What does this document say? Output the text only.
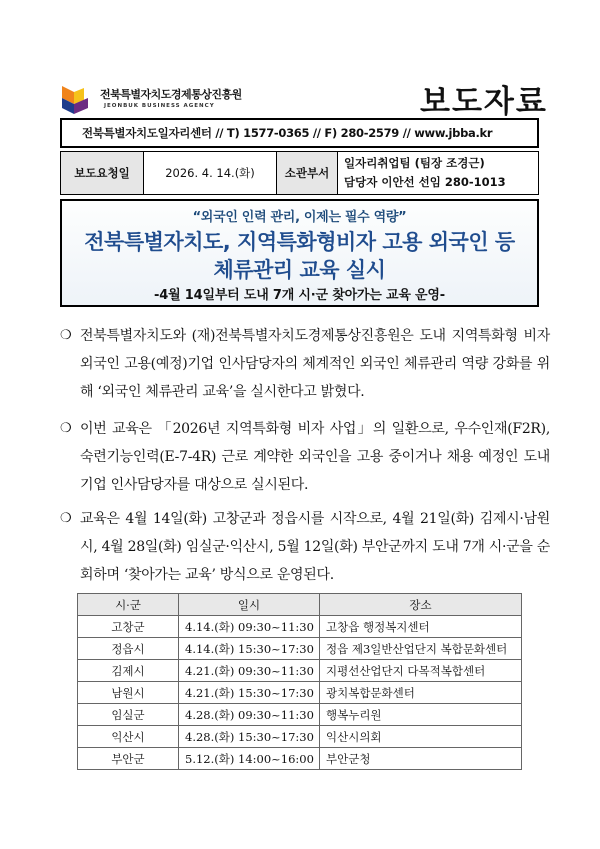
전북특별자치도경제통상진흥원
JEONBUK BUSINESS AGENCY	보도자료
전북특별자치도일자리센터 // T) 1577-0365 // F) 280-2579 // www.jbba.kr
보도요청일	2026. 4. 14.(화)	소관부서	
일자리취업팀 (팀장 조경근)
담당자 이안선 선임 280-1013
“외국인 인력 관리, 이제는 필수 역량”
전북특별자치도, 지역특화형비자 고용 외국인 등
체류관리 교육 실시
-4월 14일부터 도내 7개 시·군 찾아가는 교육 운영-
❍ 전북특별자치도와 (재)전북특별자치도경제통상진흥원은 도내 지역특화형 비자 외국인 고용(예정)기업 인사담당자의 체계적인 외국인 체류관리 역량 강화를 위해 ‘외국인 체류관리 교육’을 실시한다고 밝혔다.
❍ 이번 교육은 「2026년 지역특화형 비자 사업」의 일환으로, 우수인재(F2R), 숙련기능인력(E-7-4R) 근로 계약한 외국인을 고용 중이거나 채용 예정인 도내 기업 인사담당자를 대상으로 실시된다.
❍ 교육은 4월 14일(화) 고창군과 정읍시를 시작으로, 4월 21일(화) 김제시·남원시, 4월 28일(화) 임실군·익산시, 5월 12일(화) 부안군까지 도내 7개 시·군을 순회하며 ‘찾아가는 교육’ 방식으로 운영된다.
시·군	일시	장소
고창군	4.14.(화) 09:30~11:30	고창읍 행정복지센터
정읍시	4.14.(화) 15:30~17:30	정읍 제3일반산업단지 복합문화센터
김제시	4.21.(화) 09:30~11:30	지평선산업단지 다목적복합센터
남원시	4.21.(화) 15:30~17:30	광치복합문화센터
임실군	4.28.(화) 09:30~11:30	행복누리원
익산시	4.28.(화) 15:30~17:30	익산시의회
부안군	5.12.(화) 14:00~16:00	부안군청
